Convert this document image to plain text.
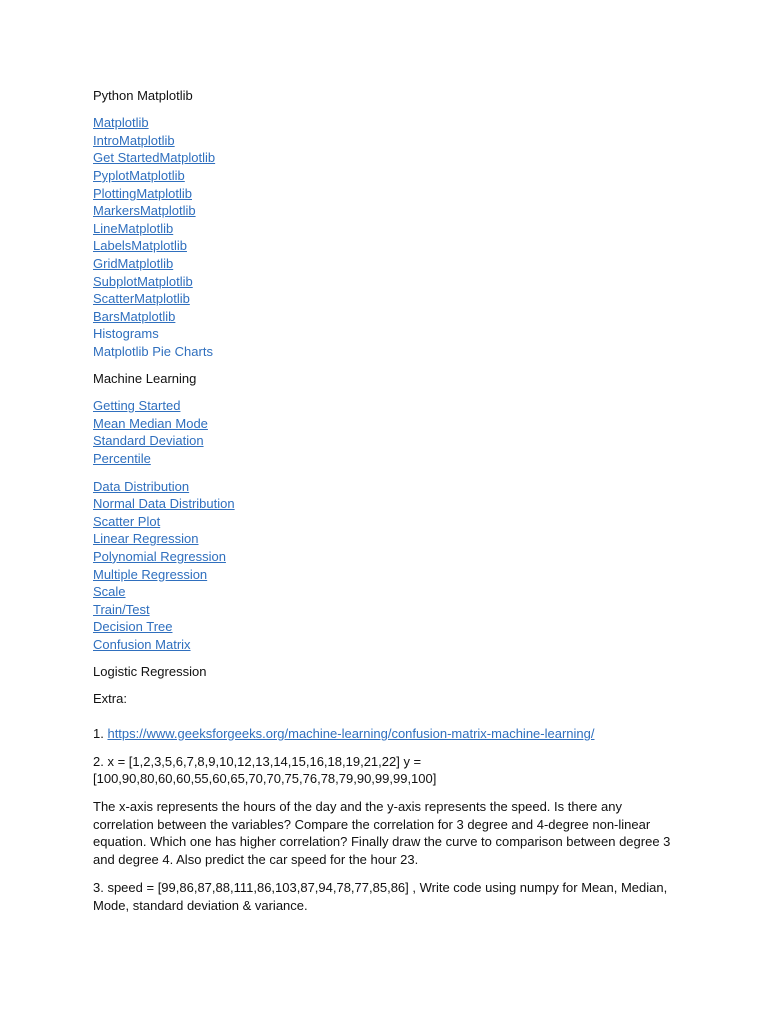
Python Matplotlib
Matplotlib
IntroMatplotlib
Get StartedMatplotlib
PyplotMatplotlib
PlottingMatplotlib
MarkersMatplotlib
LineMatplotlib
LabelsMatplotlib
GridMatplotlib
SubplotMatplotlib
ScatterMatplotlib
BarsMatplotlib
Histograms
Matplotlib Pie Charts
Machine Learning
Getting Started
Mean Median Mode
Standard Deviation
Percentile
Data Distribution
Normal Data Distribution
Scatter Plot
Linear Regression
Polynomial Regression
Multiple Regression
Scale
Train/Test
Decision Tree
Confusion Matrix
Logistic Regression
Extra:

1. https://www.geeksforgeeks.org/machine-learning/confusion-matrix-machine-learning/

2. x = [1,2,3,5,6,7,8,9,10,12,13,14,15,16,18,19,21,22] y =
[100,90,80,60,60,55,60,65,70,70,75,76,78,79,90,99,99,100]

The x-axis represents the hours of the day and the y-axis represents the speed. Is there any correlation between the variables? Compare the correlation for 3 degree and 4-degree non-linear equation. Which one has higher correlation? Finally draw the curve to comparison between degree 3 and degree 4. Also predict the car speed for the hour 23.

3. speed = [99,86,87,88,111,86,103,87,94,78,77,85,86] , Write code using numpy for Mean, Median, Mode, standard deviation & variance.
